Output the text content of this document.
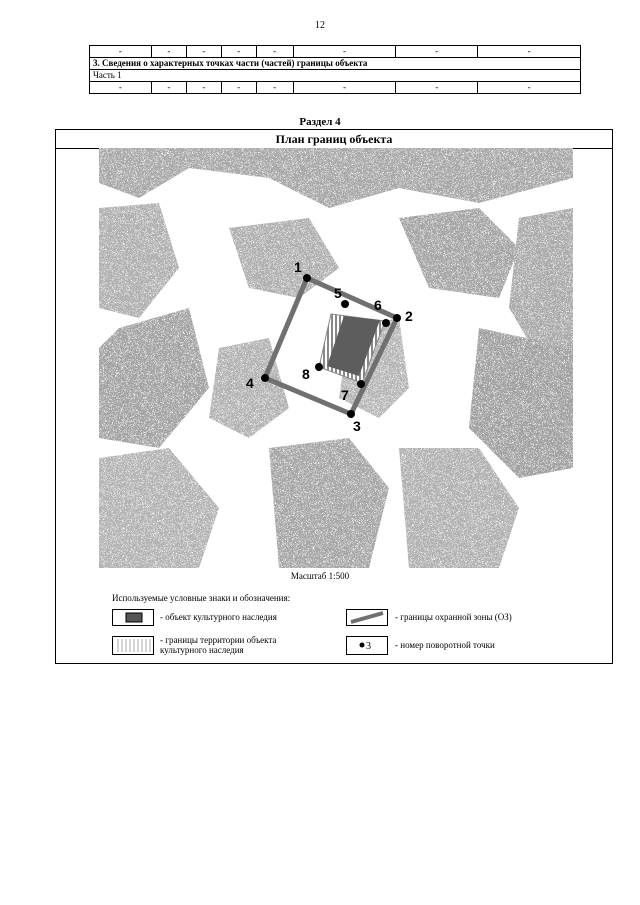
12
-	-	-	-	-	-	-	-
3. Сведения о характерных точках части (частей) границы объекта							
Часть 1							
-	-	-	-	-	-	-	-
Раздел 4
План границ объекта
1
2
3
4
5
6
7
8
Масштаб 1:500
Используемые условные знаки и обозначения:
- объект культурного наследия
- границы территории объекта
культурного наследия
- границы охранной зоны (ОЗ)
3	- номер поворотной точки
